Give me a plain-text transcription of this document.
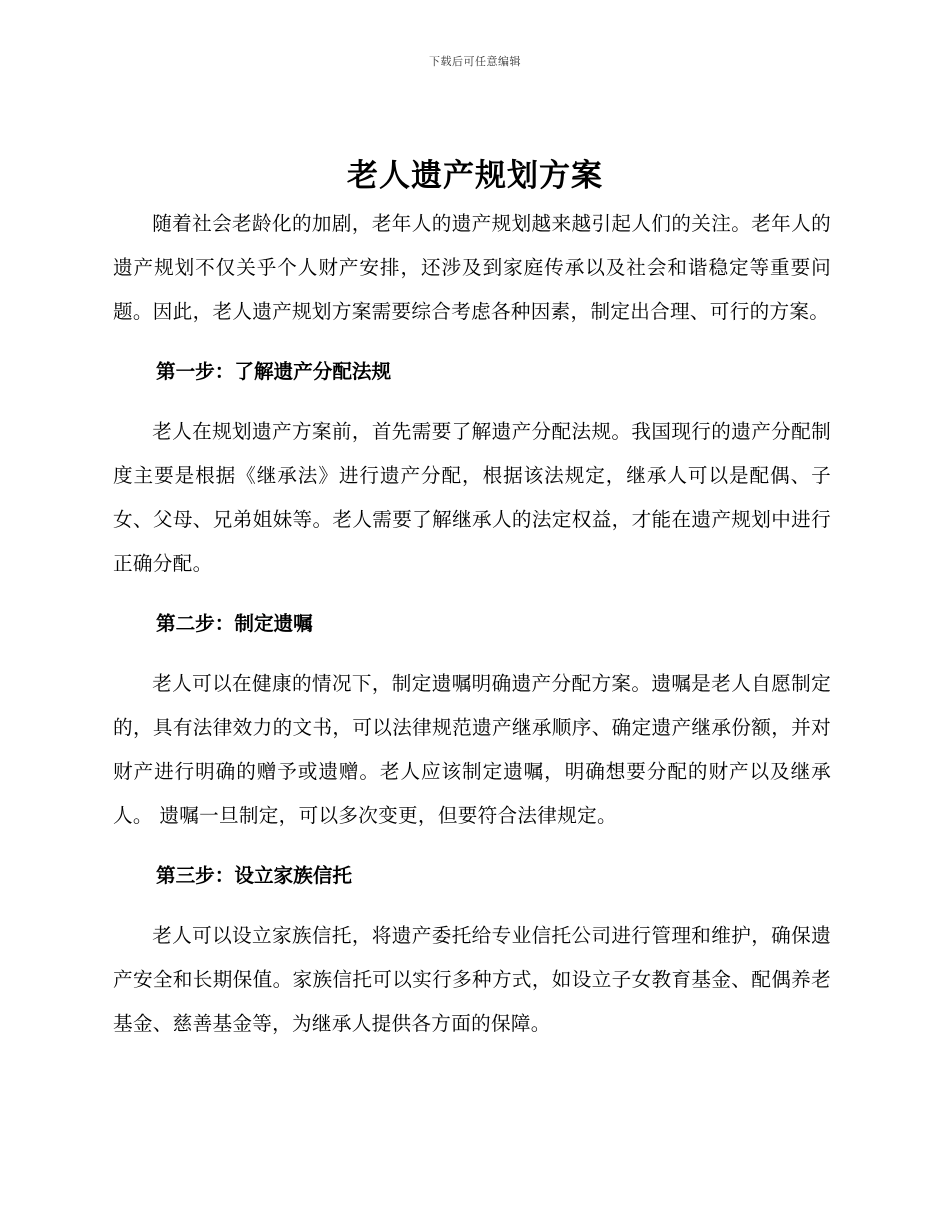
下载后可任意编辑
老人遗产规划方案

随着社会老龄化的加剧，老年人的遗产规划越来越引起人们的关注。老年人的遗产规划不仅关乎个人财产安排，还涉及到家庭传承以及社会和谐稳定等重要问题。因此，老人遗产规划方案需要综合考虑各种因素，制定出合理、可行的方案。

第一步：了解遗产分配法规

老人在规划遗产方案前，首先需要了解遗产分配法规。我国现行的遗产分配制度主要是根据《继承法》进行遗产分配，根据该法规定，继承人可以是配偶、子女、父母、兄弟姐妹等。老人需要了解继承人的法定权益，才能在遗产规划中进行正确分配。

第二步：制定遗嘱

老人可以在健康的情况下，制定遗嘱明确遗产分配方案。遗嘱是老人自愿制定的，具有法律效力的文书，可以法律规范遗产继承顺序、确定遗产继承份额，并对财产进行明确的赠予或遗赠。老人应该制定遗嘱，明确想要分配的财产以及继承人。 遗嘱一旦制定，可以多次变更，但要符合法律规定。

第三步：设立家族信托

老人可以设立家族信托，将遗产委托给专业信托公司进行管理和维护，确保遗产安全和长期保值。家族信托可以实行多种方式，如设立子女教育基金、配偶养老基金、慈善基金等，为继承人提供各方面的保障。
